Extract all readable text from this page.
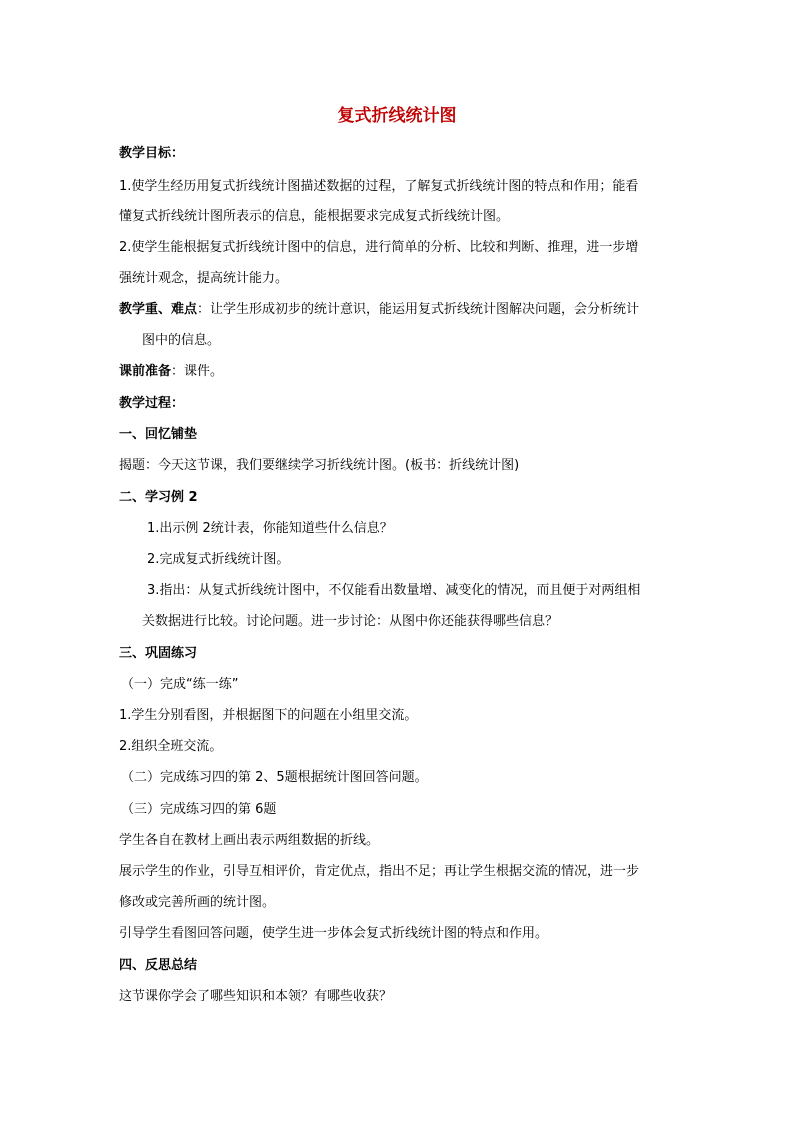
复式折线统计图
教学目标：
1.使学生经历用复式折线统计图描述数据的过程，了解复式折线统计图的特点和作用；能看
懂复式折线统计图所表示的信息，能根据要求完成复式折线统计图。
2.使学生能根据复式折线统计图中的信息，进行简单的分析、比较和判断、推理，进一步增
强统计观念，提高统计能力。
教学重、难点：让学生形成初步的统计意识，能运用复式折线统计图解决问题，会分析统计
图中的信息。
课前准备：课件。
教学过程：
一、回忆铺垫
揭题：今天这节课，我们要继续学习折线统计图。(板书：折线统计图)
二、学习例 2
1.出示例 2统计表，你能知道些什么信息？
2.完成复式折线统计图。
3.指出：从复式折线统计图中，不仅能看出数量增、减变化的情况，而且便于对两组相
关数据进行比较。讨论问题。进一步讨论：从图中你还能获得哪些信息？
三、巩固练习
（一）完成“练一练”
1.学生分别看图，并根据图下的问题在小组里交流。
2.组织全班交流。
（二）完成练习四的第 2、5题根据统计图回答问题。
（三）完成练习四的第 6题
学生各自在教材上画出表示两组数据的折线。
展示学生的作业，引导互相评价，肯定优点，指出不足；再让学生根据交流的情况，进一步
修改或完善所画的统计图。
引导学生看图回答问题，使学生进一步体会复式折线统计图的特点和作用。
四、反思总结
这节课你学会了哪些知识和本领？有哪些收获？
